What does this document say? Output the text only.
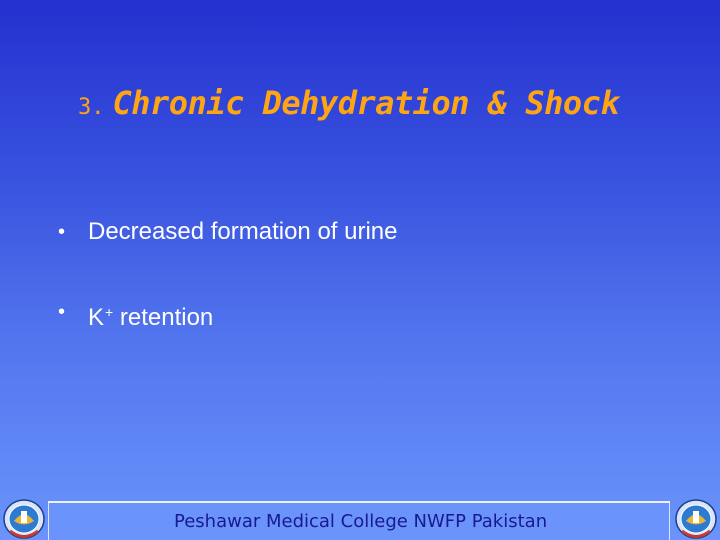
3. Chronic Dehydration & Shock
• Decreased formation of urine
• K+ retention
Peshawar Medical College NWFP Pakistan
